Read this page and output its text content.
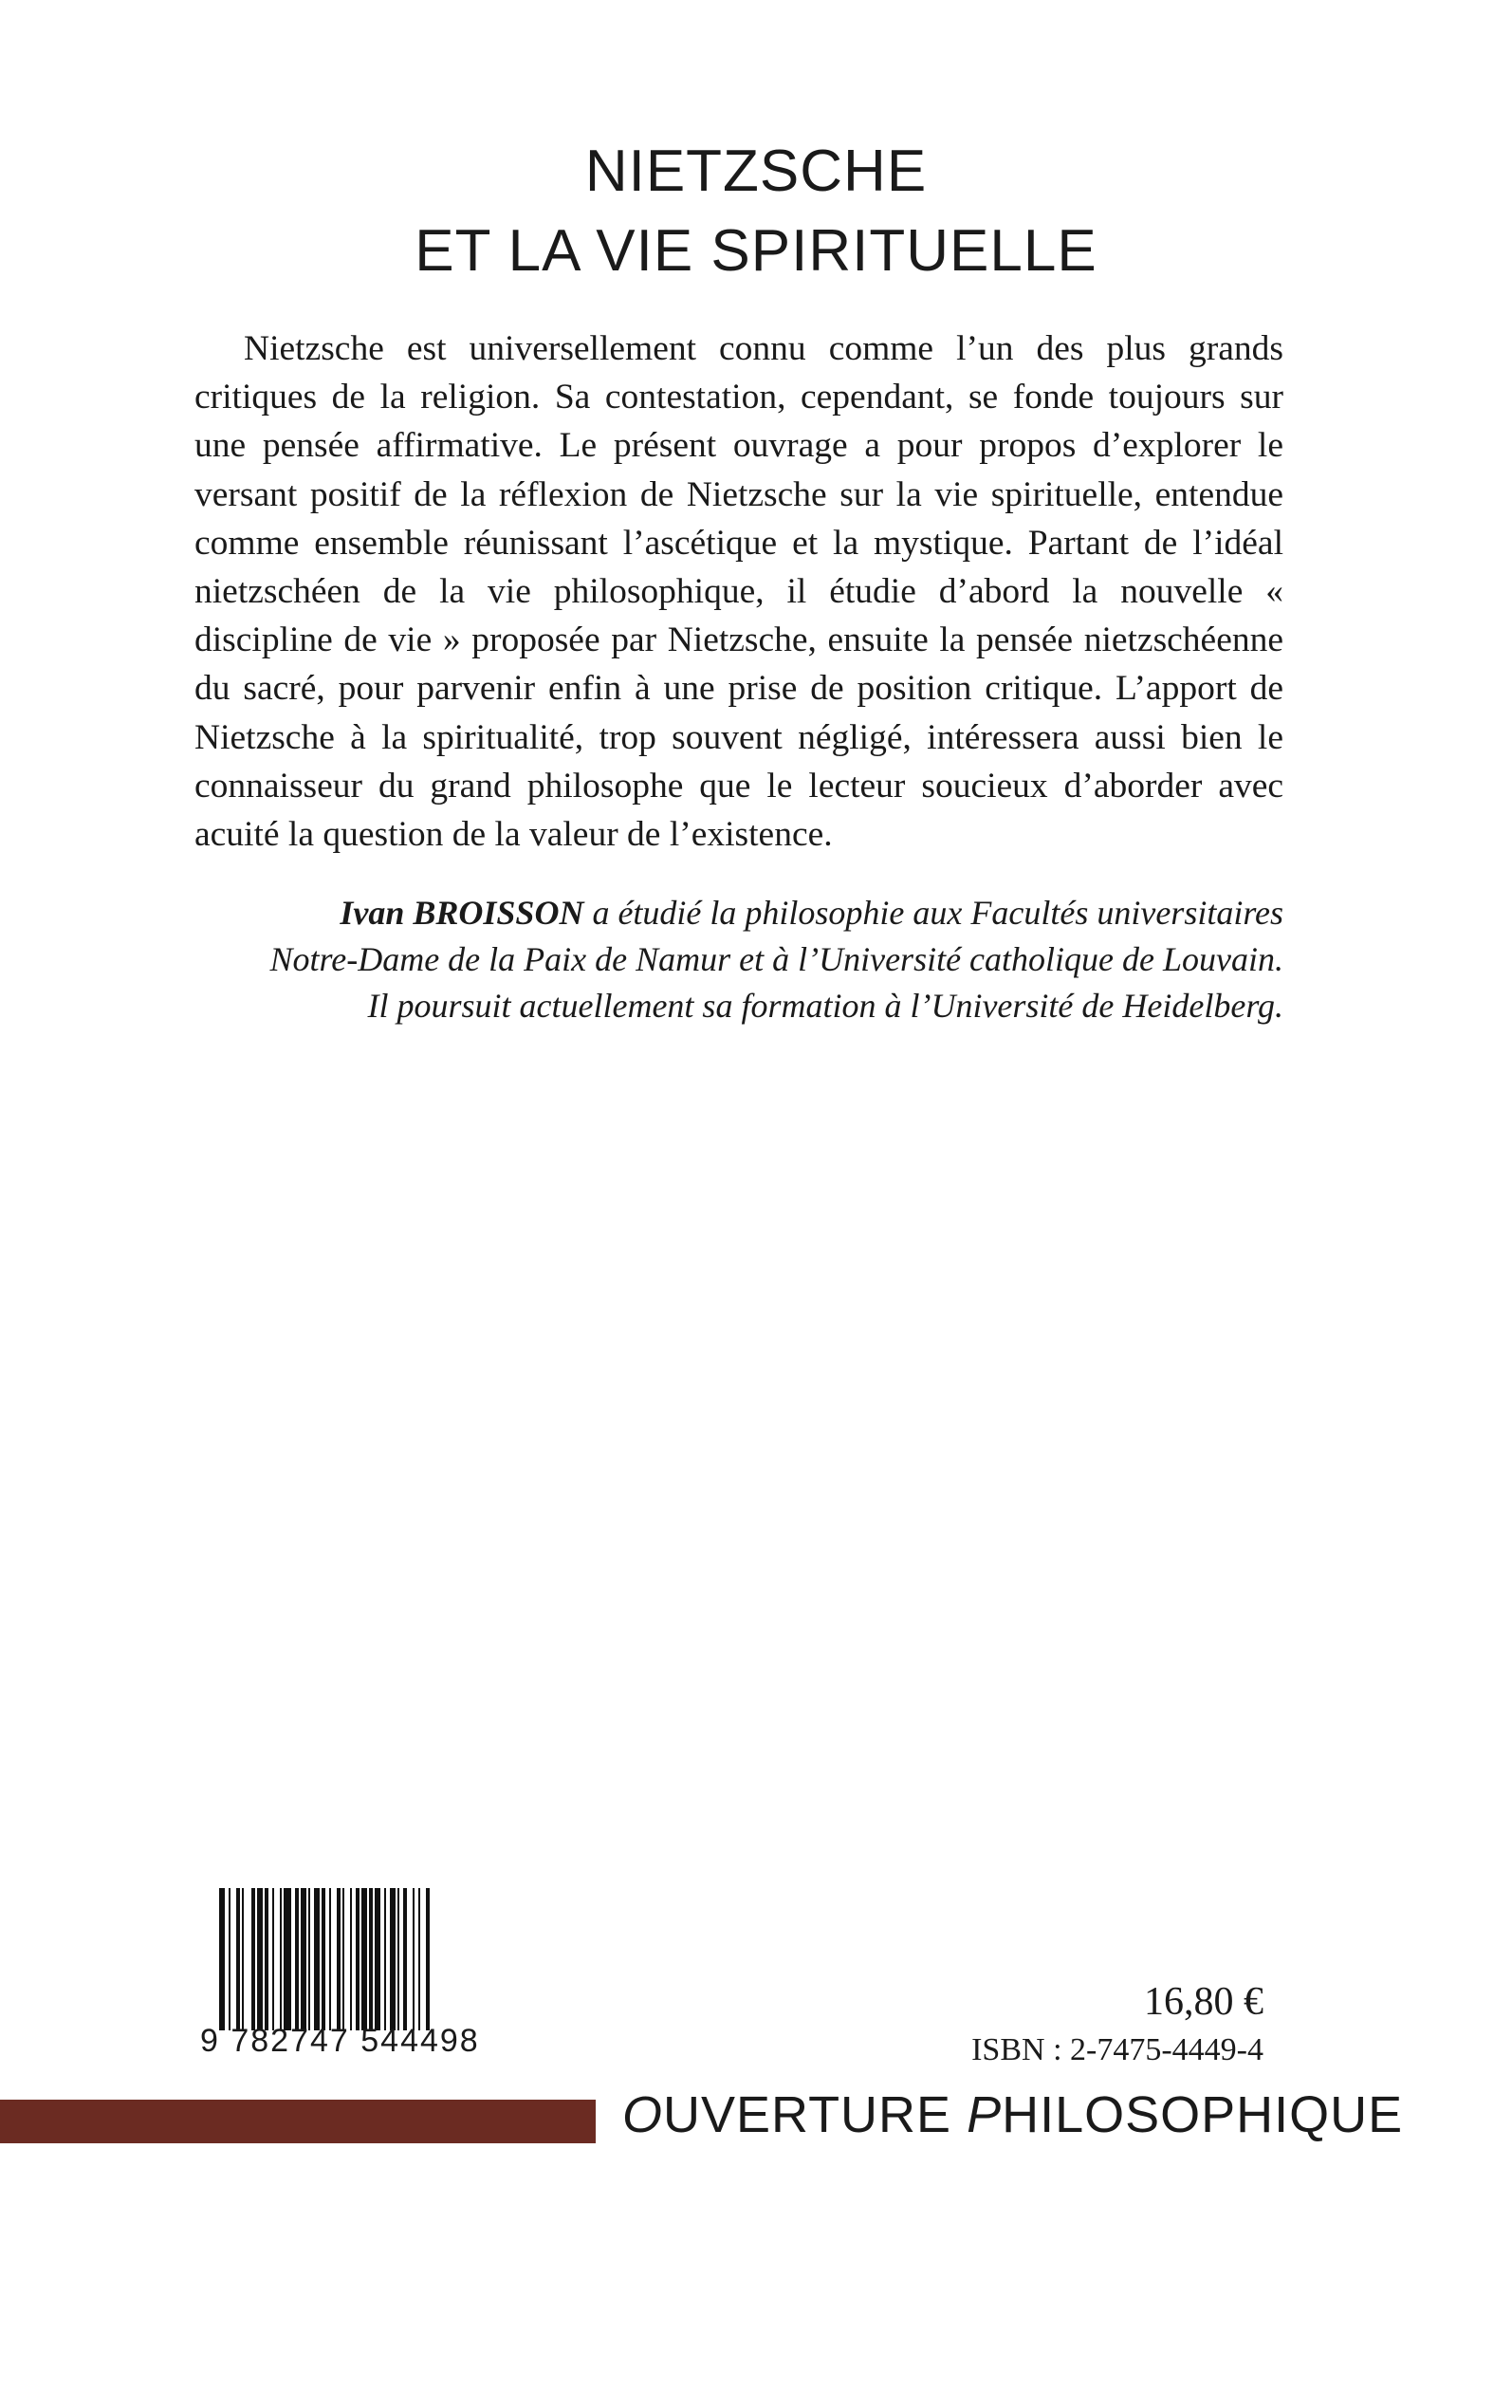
NIETZSCHE
ET LA VIE SPIRITUELLE

Nietzsche est universellement connu comme l’un des plus grands critiques de la religion. Sa contestation, cependant, se fonde toujours sur une pensée affirmative. Le présent ouvrage a pour propos d’explorer le versant positif de la réflexion de Nietzsche sur la vie spirituelle, entendue comme ensemble réunissant l’ascétique et la mystique. Partant de l’idéal nietzschéen de la vie philosophique, il étudie d’abord la nouvelle « discipline de vie » proposée par Nietzsche, ensuite la pensée nietzschéenne du sacré, pour parvenir enfin à une prise de position critique. L’apport de Nietzsche à la spiritualité, trop souvent négligé, intéressera aussi bien le connaisseur du grand philosophe que le lecteur soucieux d’aborder avec acuité la question de la valeur de l’existence.

Ivan BROISSON a étudié la philosophie aux Facultés universitaires
Notre-Dame de la Paix de Namur et à l’Université catholique de Louvain.
Il poursuit actuellement sa formation à l’Université de Heidelberg.
9 782747 544498
16,80 €
ISBN : 2-7475-4449-4
OUVERTURE PHILOSOPHIQUE
